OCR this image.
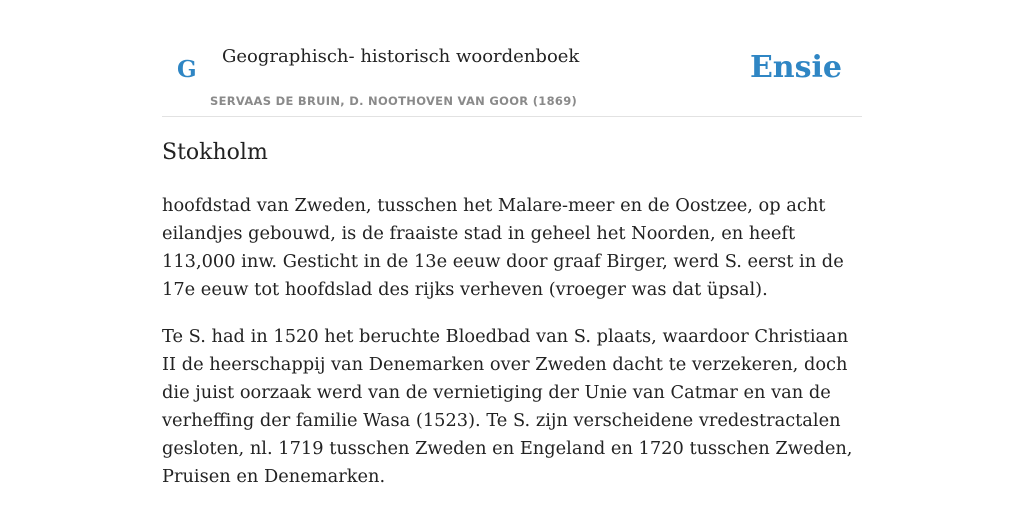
G Geographisch- historisch woordenboek
SERVAAS DE BRUIN, D. NOOTHOVEN VAN GOOR (1869)
Ensie
Stokholm

hoofdstad van Zweden, tusschen het Malare-meer en de Oostzee, op acht eilandjes gebouwd, is de fraaiste stad in geheel het Noorden, en heeft 113,000 inw. Gesticht in de 13e eeuw door graaf Birger, werd S. eerst in de 17e eeuw tot hoofdslad des rijks verheven (vroeger was dat üpsal).

Te S. had in 1520 het beruchte Bloedbad van S. plaats, waardoor Christiaan II de heerschappij van Denemarken over Zweden dacht te verzekeren, doch die juist oorzaak werd van de vernietiging der Unie van Catmar en van de verheffing der familie Wasa (1523). Te S. zijn verscheidene vredestractalen gesloten, nl. 1719 tusschen Zweden en Engeland en 1720 tusschen Zweden, Pruisen en Denemarken.
